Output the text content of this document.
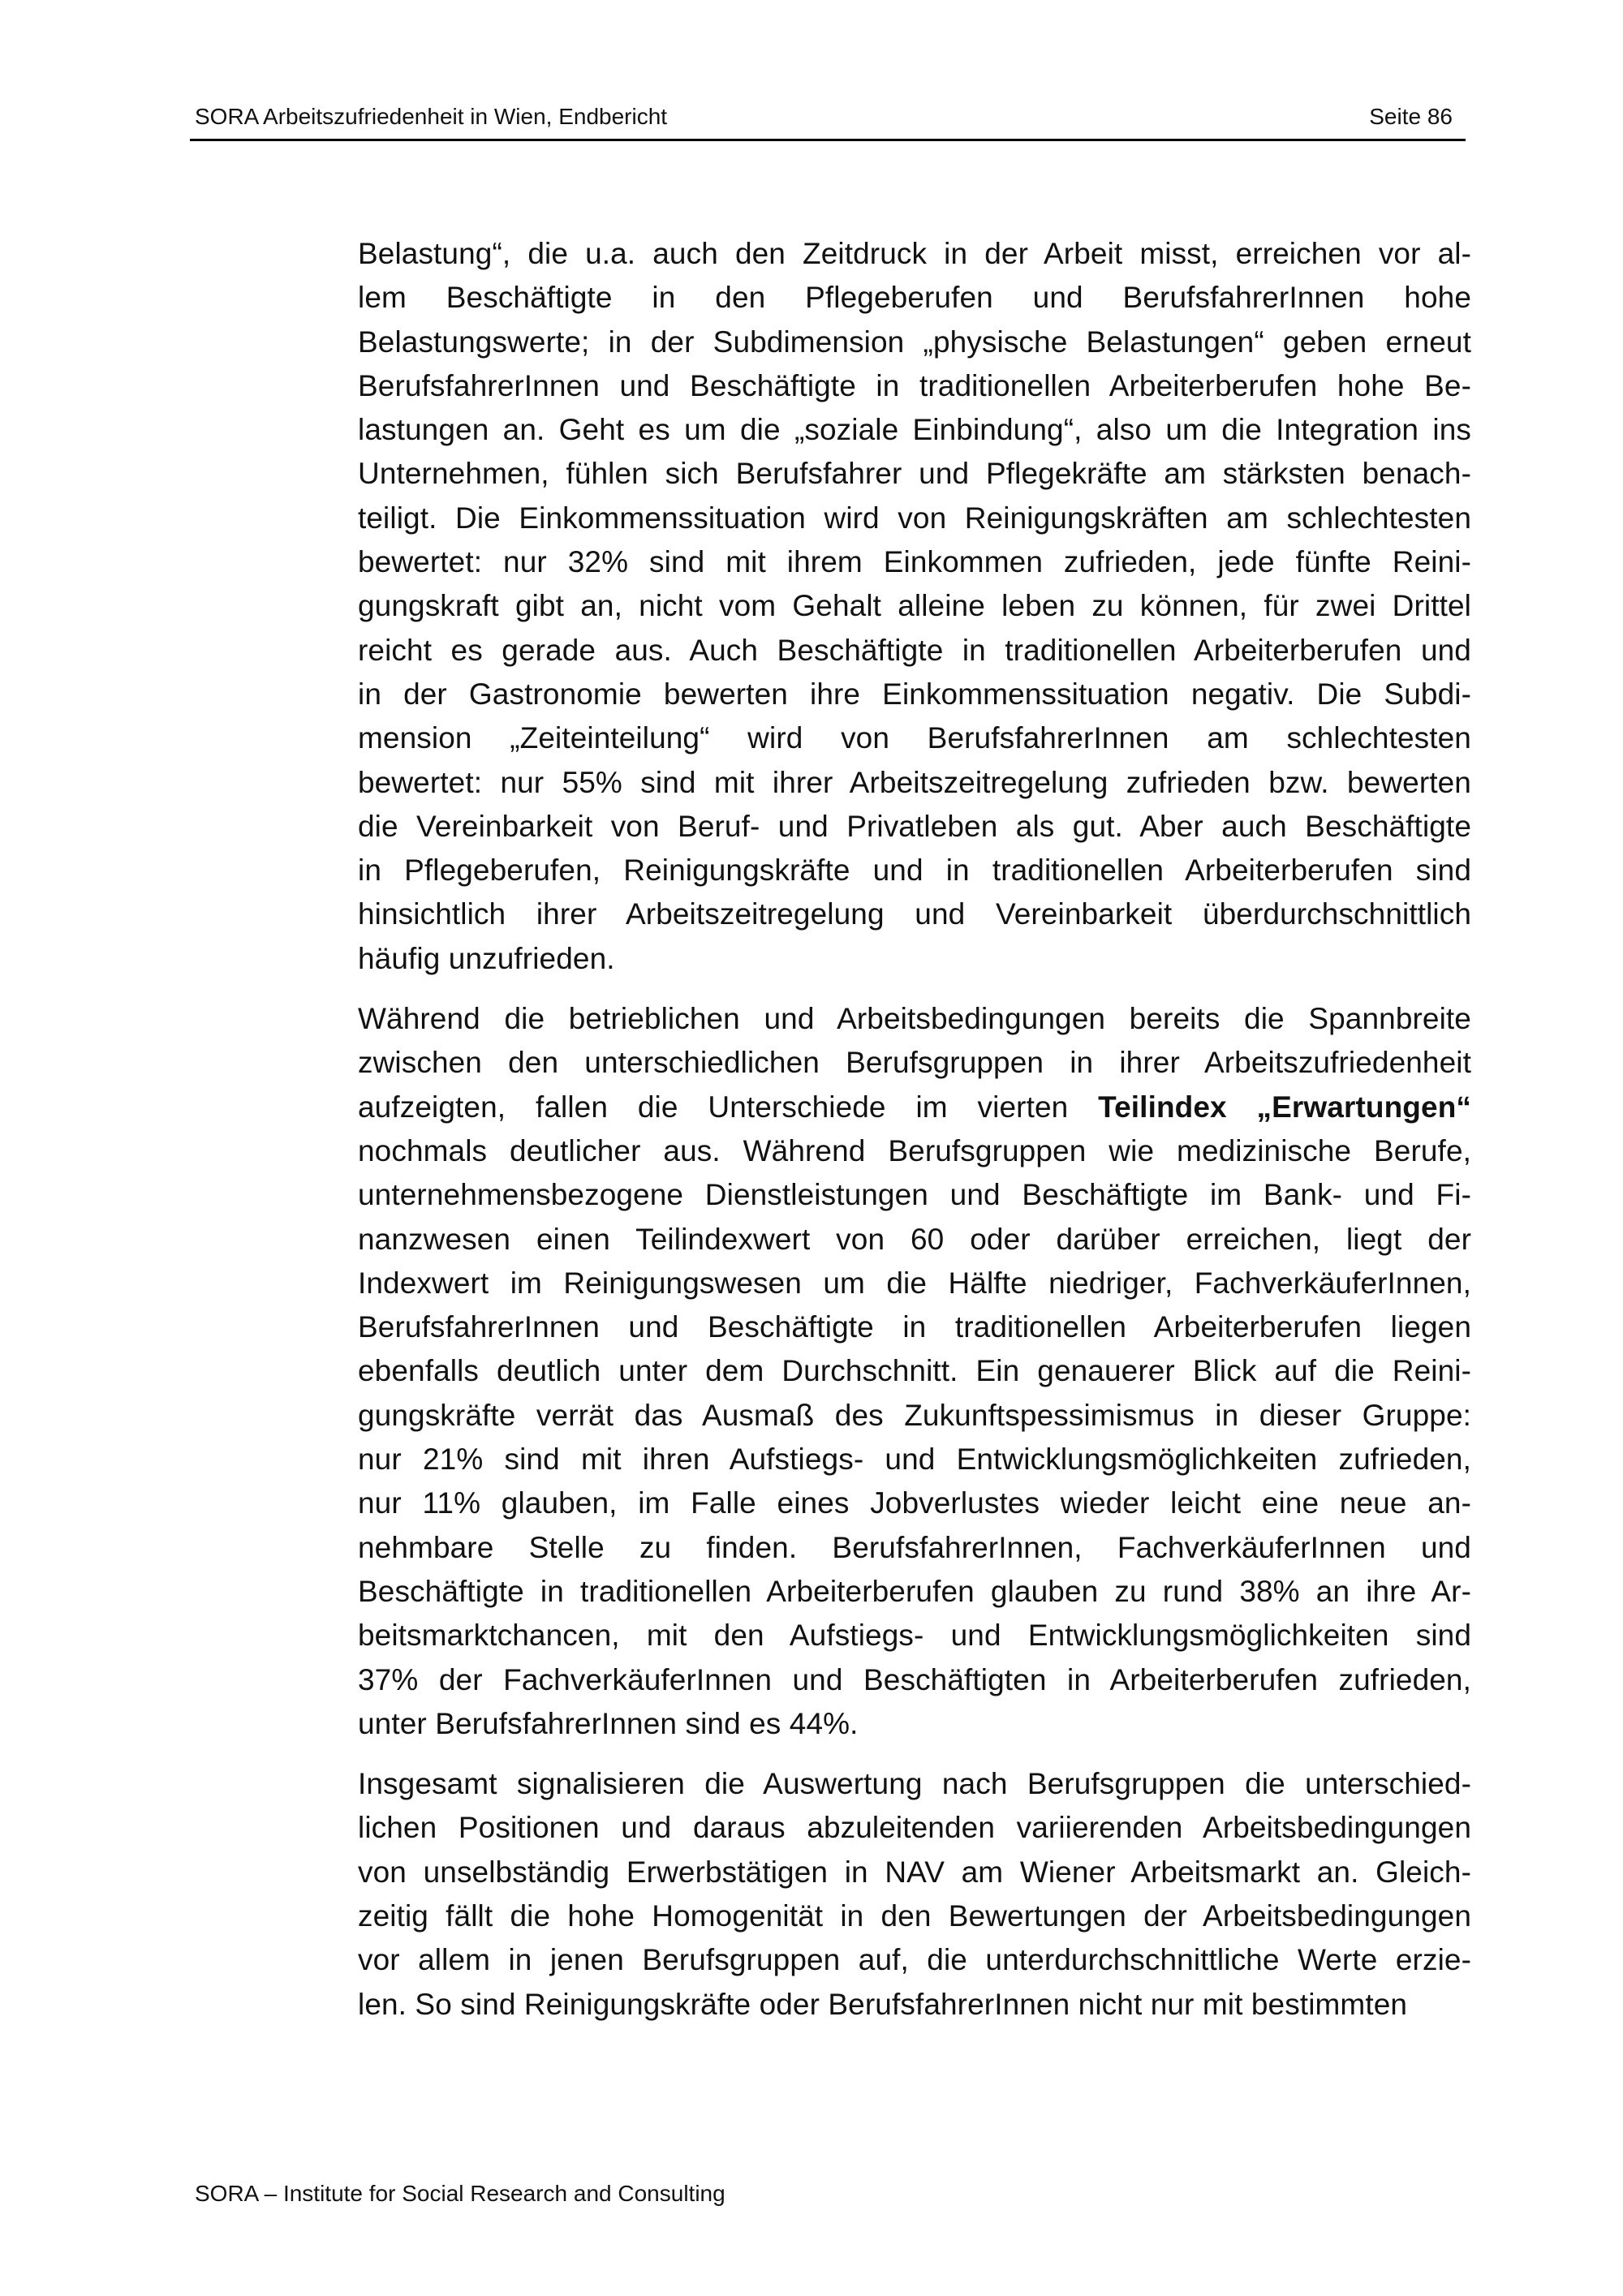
SORA Arbeitszufriedenheit in Wien, Endbericht	Seite 86

Belastung“, die u.a. auch den Zeitdruck in der Arbeit misst, erreichen vor al-
lem Beschäftigte in den Pflegeberufen und BerufsfahrerInnen hohe
Belastungswerte; in der Subdimension „physische Belastungen“ geben erneut
BerufsfahrerInnen und Beschäftigte in traditionellen Arbeiterberufen hohe Be-
lastungen an. Geht es um die „soziale Einbindung“, also um die Integration ins
Unternehmen, fühlen sich Berufsfahrer und Pflegekräfte am stärksten benach-
teiligt. Die Einkommenssituation wird von Reinigungskräften am schlechtesten
bewertet: nur 32% sind mit ihrem Einkommen zufrieden, jede fünfte Reini-
gungskraft gibt an, nicht vom Gehalt alleine leben zu können, für zwei Drittel
reicht es gerade aus. Auch Beschäftigte in traditionellen Arbeiterberufen und
in der Gastronomie bewerten ihre Einkommenssituation negativ. Die Subdi-
mension „Zeiteinteilung“ wird von BerufsfahrerInnen am schlechtesten
bewertet: nur 55% sind mit ihrer Arbeitszeitregelung zufrieden bzw. bewerten
die Vereinbarkeit von Beruf- und Privatleben als gut. Aber auch Beschäftigte
in Pflegeberufen, Reinigungskräfte und in traditionellen Arbeiterberufen sind
hinsichtlich ihrer Arbeitszeitregelung und Vereinbarkeit überdurchschnittlich
häufig unzufrieden.

Während die betrieblichen und Arbeitsbedingungen bereits die Spannbreite
zwischen den unterschiedlichen Berufsgruppen in ihrer Arbeitszufriedenheit
aufzeigten, fallen die Unterschiede im vierten Teilindex „Erwartungen“
nochmals deutlicher aus. Während Berufsgruppen wie medizinische Berufe,
unternehmensbezogene Dienstleistungen und Beschäftigte im Bank- und Fi-
nanzwesen einen Teilindexwert von 60 oder darüber erreichen, liegt der
Indexwert im Reinigungswesen um die Hälfte niedriger, FachverkäuferInnen,
BerufsfahrerInnen und Beschäftigte in traditionellen Arbeiterberufen liegen
ebenfalls deutlich unter dem Durchschnitt. Ein genauerer Blick auf die Reini-
gungskräfte verrät das Ausmaß des Zukunftspessimismus in dieser Gruppe:
nur 21% sind mit ihren Aufstiegs- und Entwicklungsmöglichkeiten zufrieden,
nur 11% glauben, im Falle eines Jobverlustes wieder leicht eine neue an-
nehmbare Stelle zu finden. BerufsfahrerInnen, FachverkäuferInnen und
Beschäftigte in traditionellen Arbeiterberufen glauben zu rund 38% an ihre Ar-
beitsmarktchancen, mit den Aufstiegs- und Entwicklungsmöglichkeiten sind
37% der FachverkäuferInnen und Beschäftigten in Arbeiterberufen zufrieden,
unter BerufsfahrerInnen sind es 44%.

Insgesamt signalisieren die Auswertung nach Berufsgruppen die unterschied-
lichen Positionen und daraus abzuleitenden variierenden Arbeitsbedingungen
von unselbständig Erwerbstätigen in NAV am Wiener Arbeitsmarkt an. Gleich-
zeitig fällt die hohe Homogenität in den Bewertungen der Arbeitsbedingungen
vor allem in jenen Berufsgruppen auf, die unterdurchschnittliche Werte erzie-
len. So sind Reinigungskräfte oder BerufsfahrerInnen nicht nur mit bestimmten

SORA – Institute for Social Research and Consulting
